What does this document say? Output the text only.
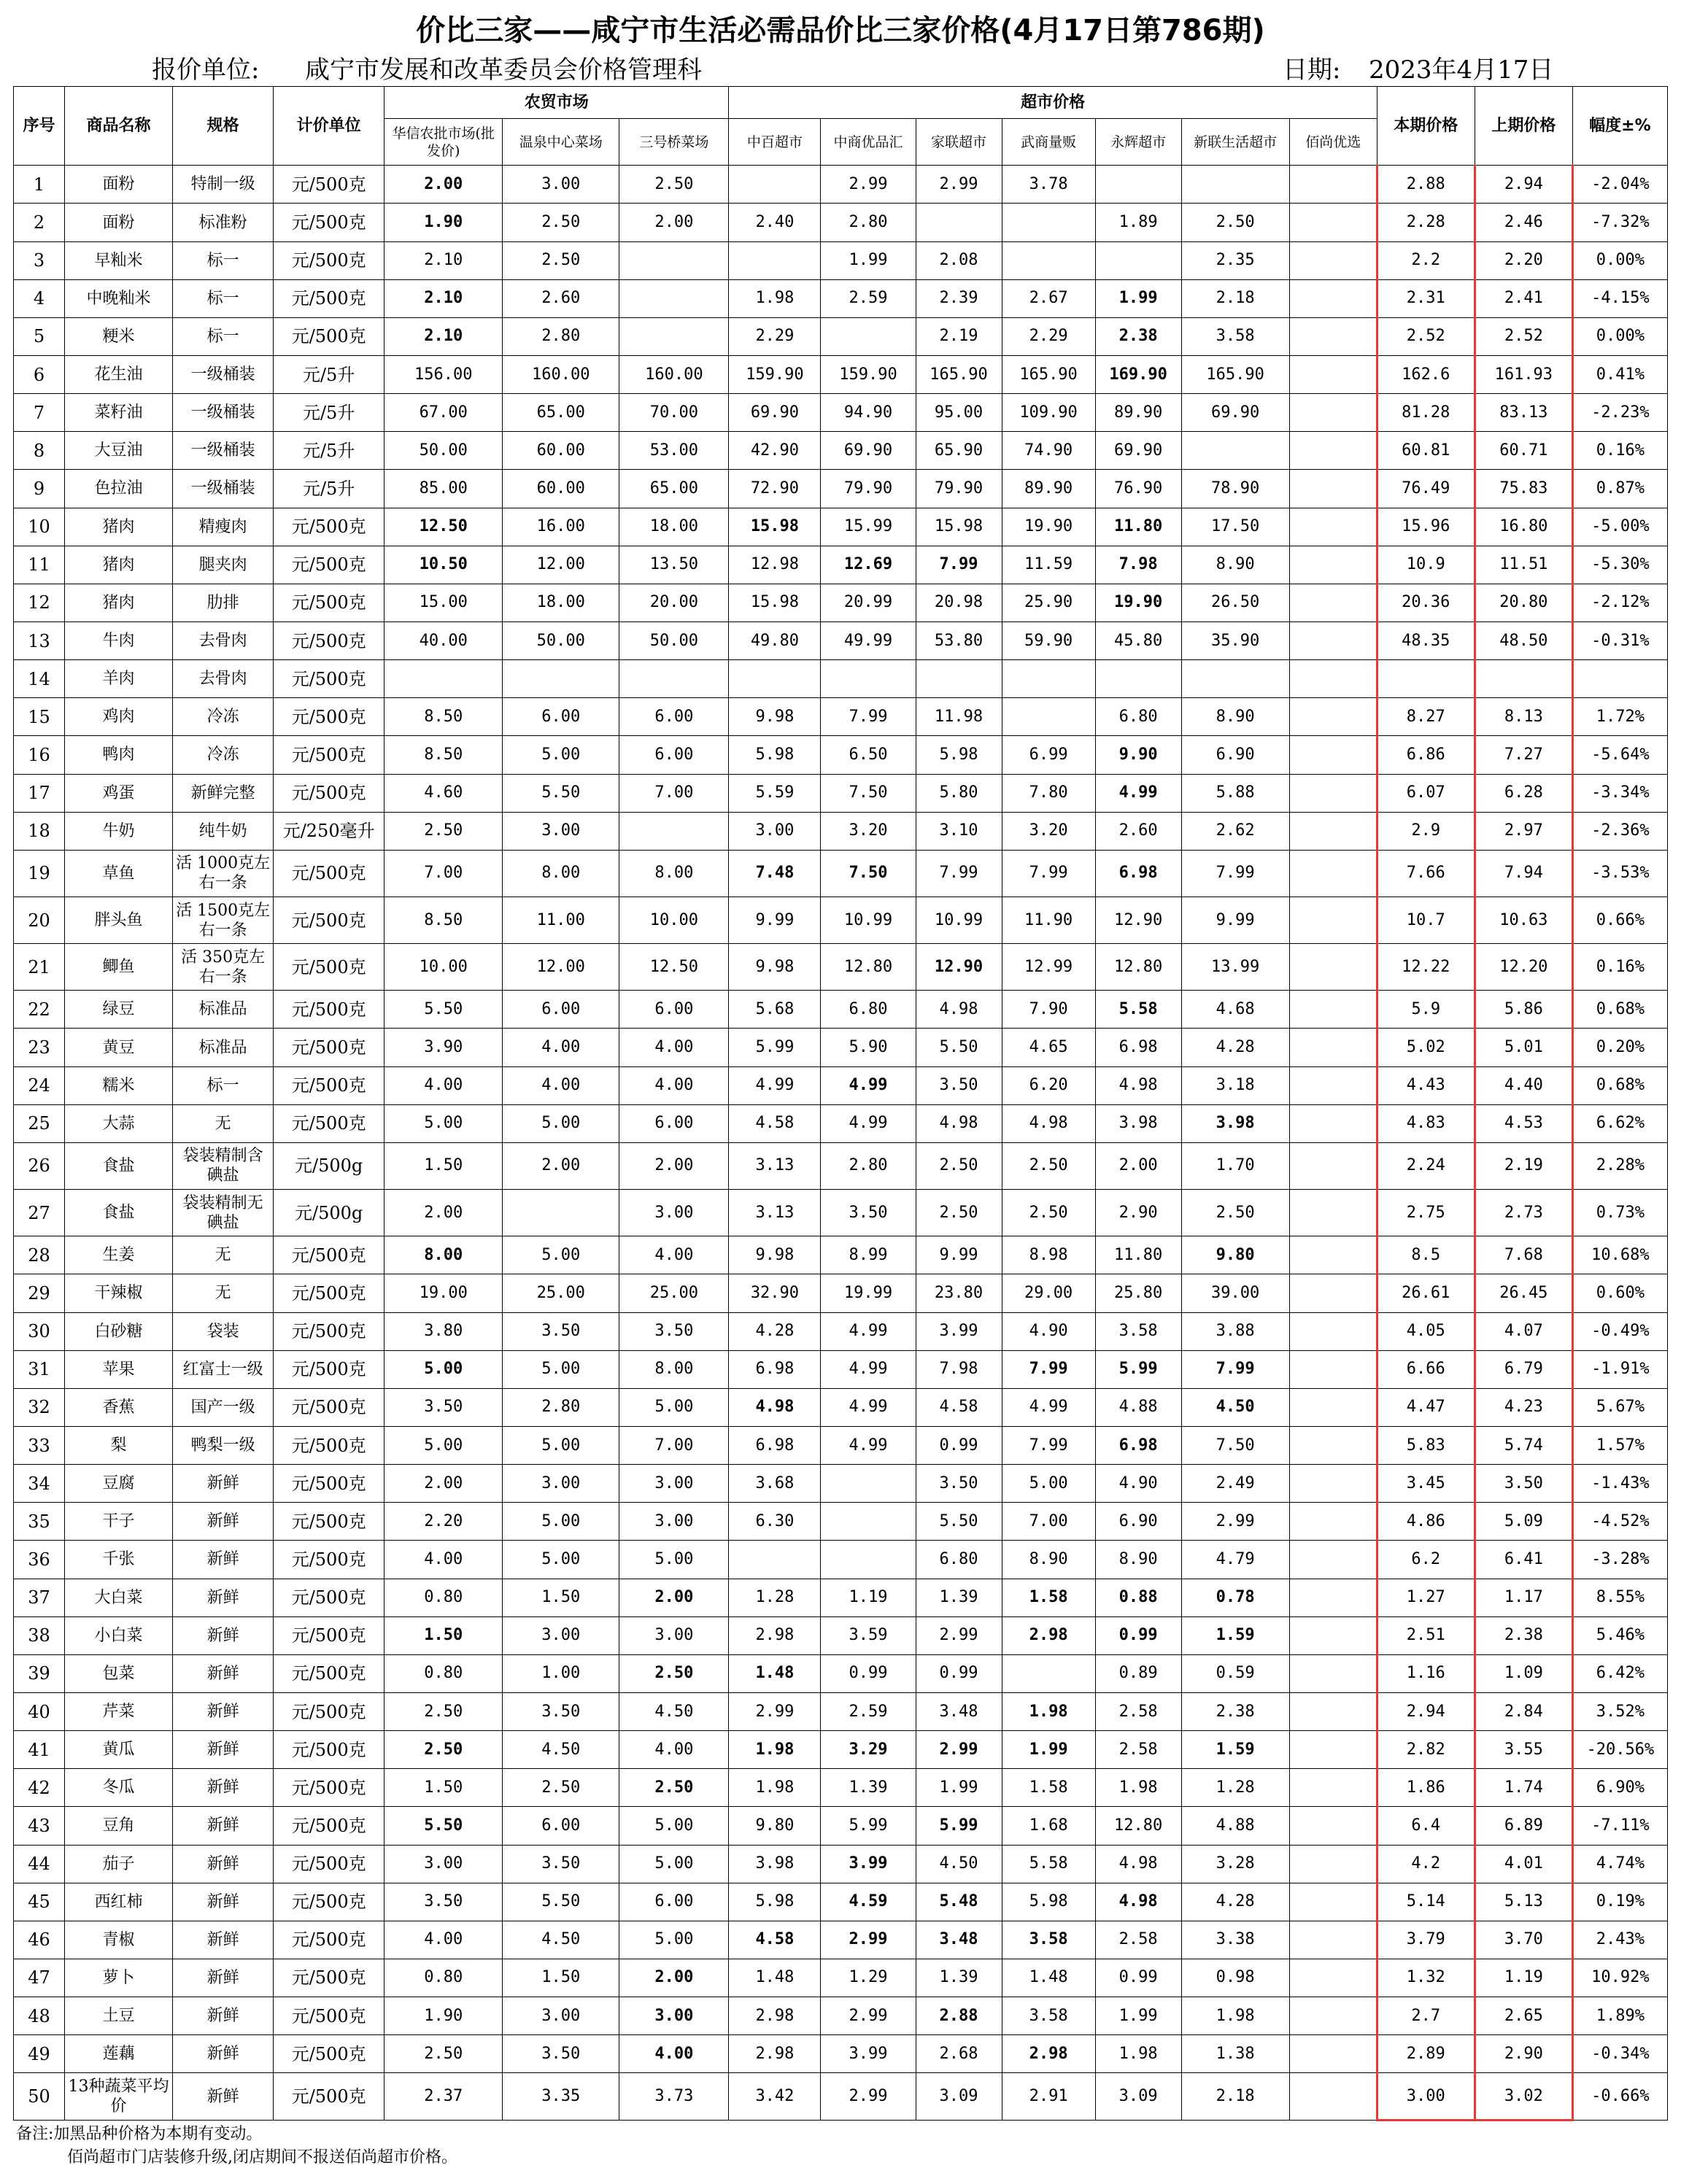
价比三家——咸宁市生活必需品价比三家价格(4月17日第786期)
报价单位: 咸宁市发展和改革委员会价格管理科	日期: 2023年4月17日
序号	商品名称	规格	计价单位	农贸市场			超市价格							本期价格	上期价格	幅度±%
				华信农批市场(批发价)	温泉中心菜场	三号桥菜场	中百超市	中商优品汇	家联超市	武商量贩	永辉超市	新联生活超市	佰尚优选			
1	面粉	特制一级	元/500克	2.00	3.00	2.50		2.99	2.99	3.78				2.88	2.94	-2.04%
2	面粉	标准粉	元/500克	1.90	2.50	2.00	2.40	2.80			1.89	2.50		2.28	2.46	-7.32%
3	早籼米	标一	元/500克	2.10	2.50			1.99	2.08			2.35		2.2	2.20	0.00%
4	中晚籼米	标一	元/500克	2.10	2.60		1.98	2.59	2.39	2.67	1.99	2.18		2.31	2.41	-4.15%
5	粳米	标一	元/500克	2.10	2.80		2.29		2.19	2.29	2.38	3.58		2.52	2.52	0.00%
6	花生油	一级桶装	元/5升	156.00	160.00	160.00	159.90	159.90	165.90	165.90	169.90	165.90		162.6	161.93	0.41%
7	菜籽油	一级桶装	元/5升	67.00	65.00	70.00	69.90	94.90	95.00	109.90	89.90	69.90		81.28	83.13	-2.23%
8	大豆油	一级桶装	元/5升	50.00	60.00	53.00	42.90	69.90	65.90	74.90	69.90			60.81	60.71	0.16%
9	色拉油	一级桶装	元/5升	85.00	60.00	65.00	72.90	79.90	79.90	89.90	76.90	78.90		76.49	75.83	0.87%
10	猪肉	精瘦肉	元/500克	12.50	16.00	18.00	15.98	15.99	15.98	19.90	11.80	17.50		15.96	16.80	-5.00%
11	猪肉	腿夹肉	元/500克	10.50	12.00	13.50	12.98	12.69	7.99	11.59	7.98	8.90		10.9	11.51	-5.30%
12	猪肉	肋排	元/500克	15.00	18.00	20.00	15.98	20.99	20.98	25.90	19.90	26.50		20.36	20.80	-2.12%
13	牛肉	去骨肉	元/500克	40.00	50.00	50.00	49.80	49.99	53.80	59.90	45.80	35.90		48.35	48.50	-0.31%
14	羊肉	去骨肉	元/500克													
15	鸡肉	冷冻	元/500克	8.50	6.00	6.00	9.98	7.99	11.98		6.80	8.90		8.27	8.13	1.72%
16	鸭肉	冷冻	元/500克	8.50	5.00	6.00	5.98	6.50	5.98	6.99	9.90	6.90		6.86	7.27	-5.64%
17	鸡蛋	新鲜完整	元/500克	4.60	5.50	7.00	5.59	7.50	5.80	7.80	4.99	5.88		6.07	6.28	-3.34%
18	牛奶	纯牛奶	元/250毫升	2.50	3.00		3.00	3.20	3.10	3.20	2.60	2.62		2.9	2.97	-2.36%
19	草鱼	活 1000克左右一条	元/500克	7.00	8.00	8.00	7.48	7.50	7.99	7.99	6.98	7.99		7.66	7.94	-3.53%
20	胖头鱼	活 1500克左右一条	元/500克	8.50	11.00	10.00	9.99	10.99	10.99	11.90	12.90	9.99		10.7	10.63	0.66%
21	鲫鱼	活 350克左右一条	元/500克	10.00	12.00	12.50	9.98	12.80	12.90	12.99	12.80	13.99		12.22	12.20	0.16%
22	绿豆	标准品	元/500克	5.50	6.00	6.00	5.68	6.80	4.98	7.90	5.58	4.68		5.9	5.86	0.68%
23	黄豆	标准品	元/500克	3.90	4.00	4.00	5.99	5.90	5.50	4.65	6.98	4.28		5.02	5.01	0.20%
24	糯米	标一	元/500克	4.00	4.00	4.00	4.99	4.99	3.50	6.20	4.98	3.18		4.43	4.40	0.68%
25	大蒜	无	元/500克	5.00	5.00	6.00	4.58	4.99	4.98	4.98	3.98	3.98		4.83	4.53	6.62%
26	食盐	袋装精制含碘盐	元/500g	1.50	2.00	2.00	3.13	2.80	2.50	2.50	2.00	1.70		2.24	2.19	2.28%
27	食盐	袋装精制无碘盐	元/500g	2.00		3.00	3.13	3.50	2.50	2.50	2.90	2.50		2.75	2.73	0.73%
28	生姜	无	元/500克	8.00	5.00	4.00	9.98	8.99	9.99	8.98	11.80	9.80		8.5	7.68	10.68%
29	干辣椒	无	元/500克	19.00	25.00	25.00	32.90	19.99	23.80	29.00	25.80	39.00		26.61	26.45	0.60%
30	白砂糖	袋装	元/500克	3.80	3.50	3.50	4.28	4.99	3.99	4.90	3.58	3.88		4.05	4.07	-0.49%
31	苹果	红富士一级	元/500克	5.00	5.00	8.00	6.98	4.99	7.98	7.99	5.99	7.99		6.66	6.79	-1.91%
32	香蕉	国产一级	元/500克	3.50	2.80	5.00	4.98	4.99	4.58	4.99	4.88	4.50		4.47	4.23	5.67%
33	梨	鸭梨一级	元/500克	5.00	5.00	7.00	6.98	4.99	0.99	7.99	6.98	7.50		5.83	5.74	1.57%
34	豆腐	新鲜	元/500克	2.00	3.00	3.00	3.68		3.50	5.00	4.90	2.49		3.45	3.50	-1.43%
35	干子	新鲜	元/500克	2.20	5.00	3.00	6.30		5.50	7.00	6.90	2.99		4.86	5.09	-4.52%
36	千张	新鲜	元/500克	4.00	5.00	5.00			6.80	8.90	8.90	4.79		6.2	6.41	-3.28%
37	大白菜	新鲜	元/500克	0.80	1.50	2.00	1.28	1.19	1.39	1.58	0.88	0.78		1.27	1.17	8.55%
38	小白菜	新鲜	元/500克	1.50	3.00	3.00	2.98	3.59	2.99	2.98	0.99	1.59		2.51	2.38	5.46%
39	包菜	新鲜	元/500克	0.80	1.00	2.50	1.48	0.99	0.99		0.89	0.59		1.16	1.09	6.42%
40	芹菜	新鲜	元/500克	2.50	3.50	4.50	2.99	2.59	3.48	1.98	2.58	2.38		2.94	2.84	3.52%
41	黄瓜	新鲜	元/500克	2.50	4.50	4.00	1.98	3.29	2.99	1.99	2.58	1.59		2.82	3.55	-20.56%
42	冬瓜	新鲜	元/500克	1.50	2.50	2.50	1.98	1.39	1.99	1.58	1.98	1.28		1.86	1.74	6.90%
43	豆角	新鲜	元/500克	5.50	6.00	5.00	9.80	5.99	5.99	1.68	12.80	4.88		6.4	6.89	-7.11%
44	茄子	新鲜	元/500克	3.00	3.50	5.00	3.98	3.99	4.50	5.58	4.98	3.28		4.2	4.01	4.74%
45	西红柿	新鲜	元/500克	3.50	5.50	6.00	5.98	4.59	5.48	5.98	4.98	4.28		5.14	5.13	0.19%
46	青椒	新鲜	元/500克	4.00	4.50	5.00	4.58	2.99	3.48	3.58	2.58	3.38		3.79	3.70	2.43%
47	萝卜	新鲜	元/500克	0.80	1.50	2.00	1.48	1.29	1.39	1.48	0.99	0.98		1.32	1.19	10.92%
48	土豆	新鲜	元/500克	1.90	3.00	3.00	2.98	2.99	2.88	3.58	1.99	1.98		2.7	2.65	1.89%
49	莲藕	新鲜	元/500克	2.50	3.50	4.00	2.98	3.99	2.68	2.98	1.98	1.38		2.89	2.90	-0.34%
50	13种蔬菜平均价	新鲜	元/500克	2.37	3.35	3.73	3.42	2.99	3.09	2.91	3.09	2.18		3.00	3.02	-0.66%
备注:加黑品种价格为本期有变动。
佰尚超市门店装修升级,闭店期间不报送佰尚超市价格。
